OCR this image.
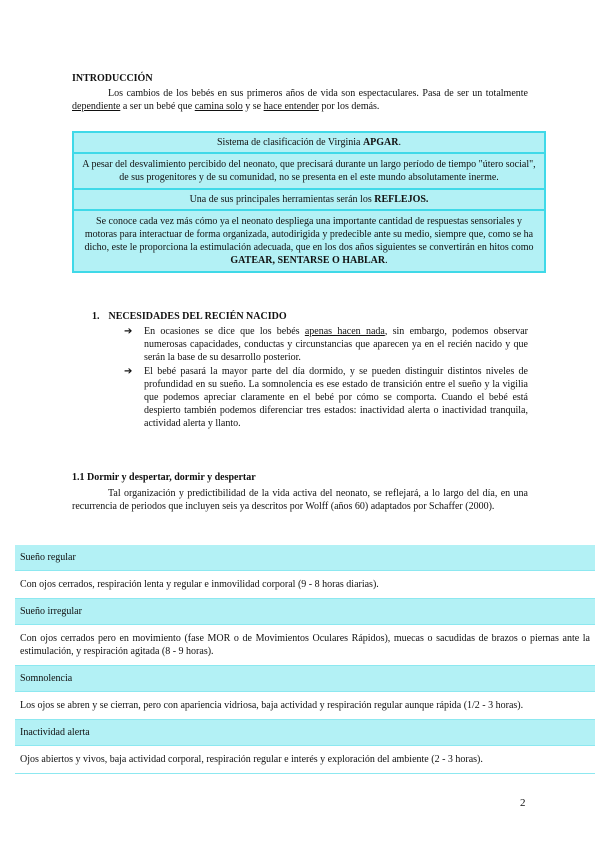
INTRODUCCIÓN
Los cambios de los bebés en sus primeros años de vida son espectaculares. Pasa de ser un totalmente dependiente a ser un bebé que camina solo y se hace entender por los demás.
Sistema de clasificación de Virginia APGAR.
A pesar del desvalimiento percibido del neonato, que precisará durante un largo período de tiempo "útero social", de sus progenitores y de su comunidad, no se presenta en el este mundo absolutamente inerme.
Una de sus principales herramientas serán los REFLEJOS.
Se conoce cada vez más cómo ya el neonato despliega una importante cantidad de respuestas sensoriales y motoras para interactuar de forma organizada, autodirigida y predecible ante su medio, siempre que, como se ha dicho, este le proporciona la estimulación adecuada, que en los dos años siguientes se convertirán en hitos como GATEAR, SENTARSE O HABLAR.
1. NECESIDADES DEL RECIÉN NACIDO
➔ En ocasiones se dice que los bebés apenas hacen nada, sin embargo, podemos observar numerosas capacidades, conductas y circunstancias que aparecen ya en el recién nacido y que serán la base de su desarrollo posterior.
➔ El bebé pasará la mayor parte del día dormido, y se pueden distinguir distintos niveles de profundidad en su sueño. La somnolencia es ese estado de transición entre el sueño y la vigilia que podemos apreciar claramente en el bebé por cómo se comporta. Cuando el bebé está despierto también podemos diferenciar tres estados: inactividad alerta o inactividad tranquila, actividad alerta y llanto.
1.1 Dormir y despertar, dormir y despertar
Tal organización y predictibilidad de la vida activa del neonato, se reflejará, a lo largo del día, en una recurrencia de periodos que incluyen seis ya descritos por Wolff (años 60) adaptados por Schaffer (2000).
Sueño regular
Con ojos cerrados, respiración lenta y regular e inmovilidad corporal (9 - 8 horas diarias).
Sueño irregular
Con ojos cerrados pero en movimiento (fase MOR o de Movimientos Oculares Rápidos), muecas o sacudidas de brazos o piernas ante la estimulación, y respiración agitada (8 - 9 horas).
Somnolencia
Los ojos se abren y se cierran, pero con apariencia vidriosa, baja actividad y respiración regular aunque rápida (1/2 - 3 horas).
Inactividad alerta
Ojos abiertos y vivos, baja actividad corporal, respiración regular e interés y exploración del ambiente (2 - 3 horas).
2
